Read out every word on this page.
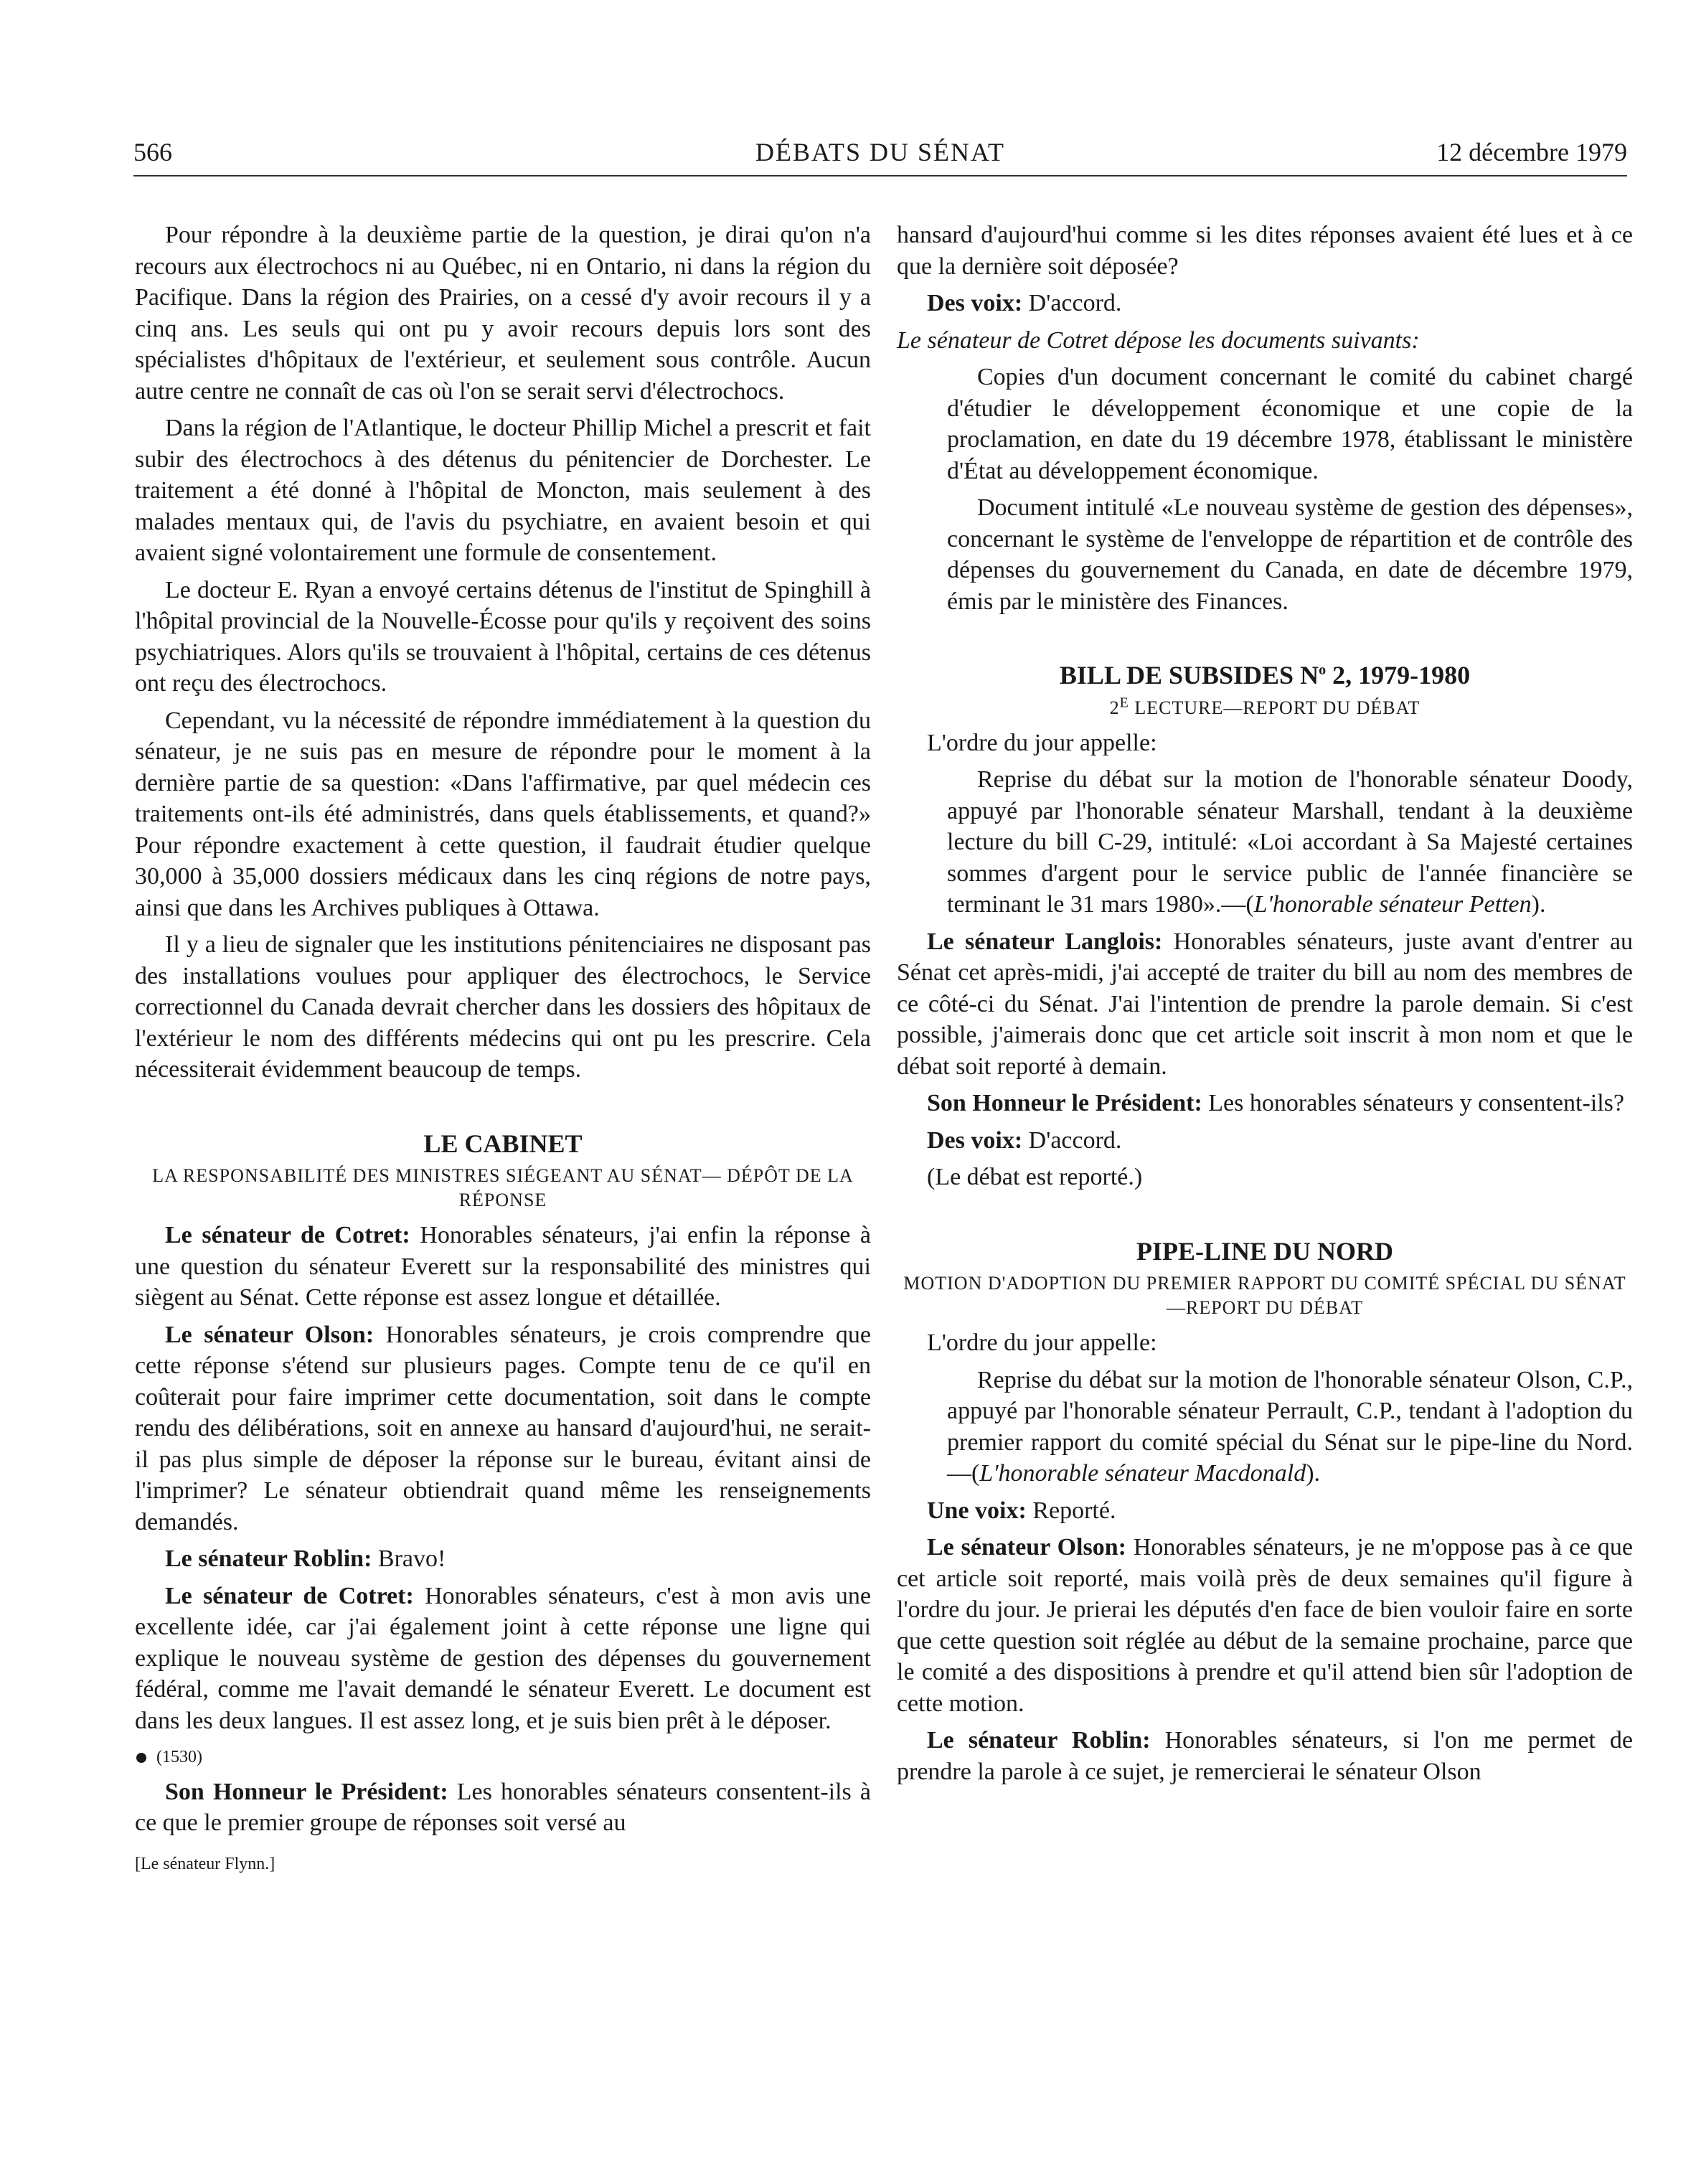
566	DÉBATS DU SÉNAT	12 décembre 1979

Pour répondre à la deuxième partie de la question, je dirai qu'on n'a recours aux électrochocs ni au Québec, ni en Ontario, ni dans la région du Pacifique. Dans la région des Prairies, on a cessé d'y avoir recours il y a cinq ans. Les seuls qui ont pu y avoir recours depuis lors sont des spécialistes d'hôpitaux de l'extérieur, et seulement sous contrôle. Aucun autre centre ne connaît de cas où l'on se serait servi d'électrochocs.

Dans la région de l'Atlantique, le docteur Phillip Michel a prescrit et fait subir des électrochocs à des détenus du pénitencier de Dorchester. Le traitement a été donné à l'hôpital de Moncton, mais seulement à des malades mentaux qui, de l'avis du psychiatre, en avaient besoin et qui avaient signé volontairement une formule de consentement.

Le docteur E. Ryan a envoyé certains détenus de l'institut de Spinghill à l'hôpital provincial de la Nouvelle-Écosse pour qu'ils y reçoivent des soins psychiatriques. Alors qu'ils se trouvaient à l'hôpital, certains de ces détenus ont reçu des électrochocs.

Cependant, vu la nécessité de répondre immédiatement à la question du sénateur, je ne suis pas en mesure de répondre pour le moment à la dernière partie de sa question: «Dans l'affirmative, par quel médecin ces traitements ont-ils été administrés, dans quels établissements, et quand?» Pour répondre exactement à cette question, il faudrait étudier quelque 30,000 à 35,000 dossiers médicaux dans les cinq régions de notre pays, ainsi que dans les Archives publiques à Ottawa.

Il y a lieu de signaler que les institutions pénitenciaires ne disposant pas des installations voulues pour appliquer des électrochocs, le Service correctionnel du Canada devrait chercher dans les dossiers des hôpitaux de l'extérieur le nom des différents médecins qui ont pu les prescrire. Cela nécessiterait évidemment beaucoup de temps.

LE CABINET
LA RESPONSABILITÉ DES MINISTRES SIÉGEANT AU SÉNAT— DÉPÔT DE LA RÉPONSE

Le sénateur de Cotret: Honorables sénateurs, j'ai enfin la réponse à une question du sénateur Everett sur la responsabilité des ministres qui siègent au Sénat. Cette réponse est assez longue et détaillée.

Le sénateur Olson: Honorables sénateurs, je crois comprendre que cette réponse s'étend sur plusieurs pages. Compte tenu de ce qu'il en coûterait pour faire imprimer cette documentation, soit dans le compte rendu des délibérations, soit en annexe au hansard d'aujourd'hui, ne serait-il pas plus simple de déposer la réponse sur le bureau, évitant ainsi de l'imprimer? Le sénateur obtiendrait quand même les renseignements demandés.

Le sénateur Roblin: Bravo!

Le sénateur de Cotret: Honorables sénateurs, c'est à mon avis une excellente idée, car j'ai également joint à cette réponse une ligne qui explique le nouveau système de gestion des dépenses du gouvernement fédéral, comme me l'avait demandé le sénateur Everett. Le document est dans les deux langues. Il est assez long, et je suis bien prêt à le déposer.

(1530)

Son Honneur le Président: Les honorables sénateurs consentent-ils à ce que le premier groupe de réponses soit versé au

[Le sénateur Flynn.]

hansard d'aujourd'hui comme si les dites réponses avaient été lues et à ce que la dernière soit déposée?

Des voix: D'accord.

Le sénateur de Cotret dépose les documents suivants:

Copies d'un document concernant le comité du cabinet chargé d'étudier le développement économique et une copie de la proclamation, en date du 19 décembre 1978, établissant le ministère d'État au développement économique.

Document intitulé «Le nouveau système de gestion des dépenses», concernant le système de l'enveloppe de répartition et de contrôle des dépenses du gouvernement du Canada, en date de décembre 1979, émis par le ministère des Finances.

BILL DE SUBSIDES $N^o$ 2, 1979-1980
$2^E$ LECTURE—REPORT DU DÉBAT

L'ordre du jour appelle:

Reprise du débat sur la motion de l'honorable sénateur Doody, appuyé par l'honorable sénateur Marshall, tendant à la deuxième lecture du bill C-29, intitulé: «Loi accordant à Sa Majesté certaines sommes d'argent pour le service public de l'année financière se terminant le 31 mars 1980».—(L'honorable sénateur Petten).

Le sénateur Langlois: Honorables sénateurs, juste avant d'entrer au Sénat cet après-midi, j'ai accepté de traiter du bill au nom des membres de ce côté-ci du Sénat. J'ai l'intention de prendre la parole demain. Si c'est possible, j'aimerais donc que cet article soit inscrit à mon nom et que le débat soit reporté à demain.

Son Honneur le Président: Les honorables sénateurs y consentent-ils?

Des voix: D'accord.

(Le débat est reporté.)

PIPE-LINE DU NORD
MOTION D'ADOPTION DU PREMIER RAPPORT DU COMITÉ SPÉCIAL DU SÉNAT—REPORT DU DÉBAT

L'ordre du jour appelle:

Reprise du débat sur la motion de l'honorable sénateur Olson, C.P., appuyé par l'honorable sénateur Perrault, C.P., tendant à l'adoption du premier rapport du comité spécial du Sénat sur le pipe-line du Nord.—(L'honorable sénateur Macdonald).

Une voix: Reporté.

Le sénateur Olson: Honorables sénateurs, je ne m'oppose pas à ce que cet article soit reporté, mais voilà près de deux semaines qu'il figure à l'ordre du jour. Je prierai les députés d'en face de bien vouloir faire en sorte que cette question soit réglée au début de la semaine prochaine, parce que le comité a des dispositions à prendre et qu'il attend bien sûr l'adoption de cette motion.

Le sénateur Roblin: Honorables sénateurs, si l'on me permet de prendre la parole à ce sujet, je remercierai le sénateur Olson
